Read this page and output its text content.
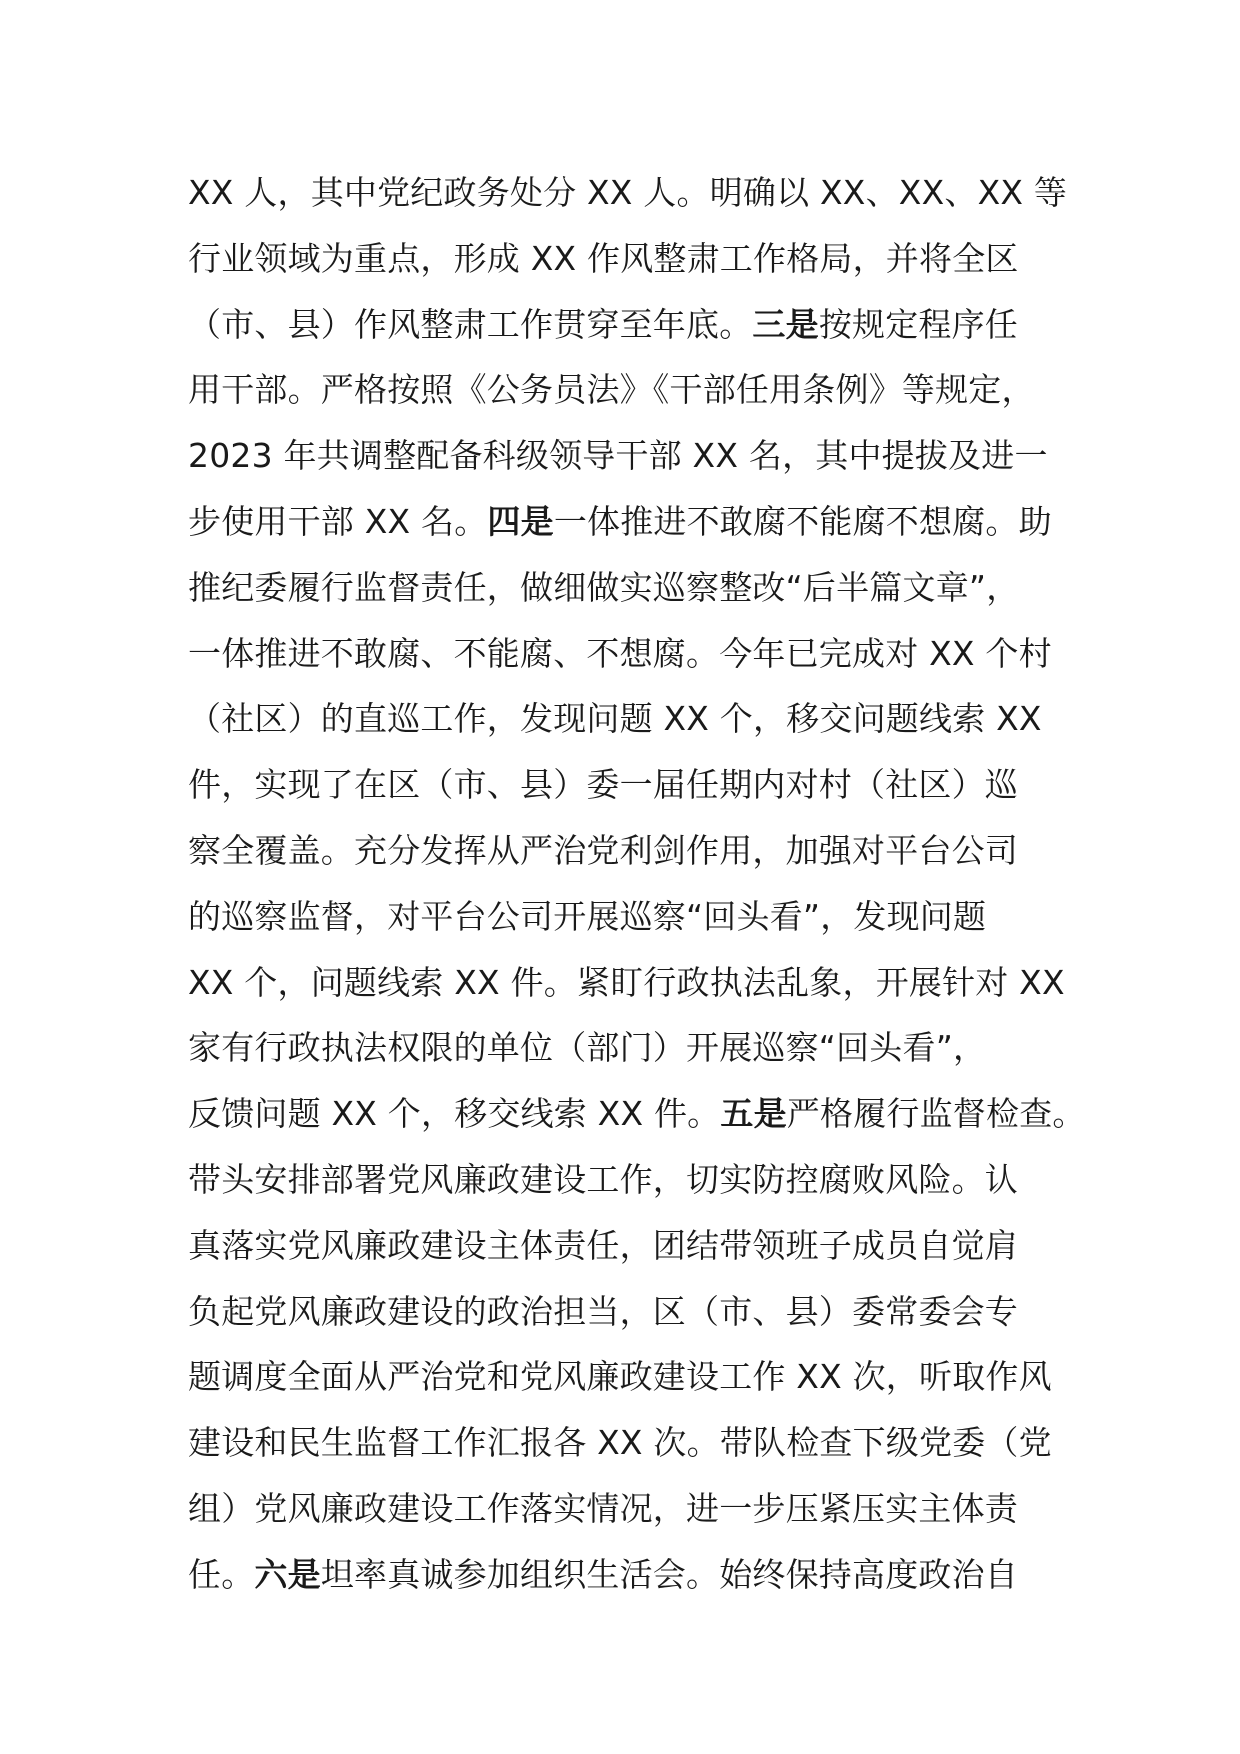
XX 人，其中党纪政务处分 XX 人。明确以 XX、XX、XX 等
行业领域为重点，形成 XX 作风整肃工作格局，并将全区
（市、县）作风整肃工作贯穿至年底。三是按规定程序任
用干部。严格按照《公务员法》《干部任用条例》等规定，
2023 年共调整配备科级领导干部 XX 名，其中提拔及进一
步使用干部 XX 名。四是一体推进不敢腐不能腐不想腐。助
推纪委履行监督责任，做细做实巡察整改“后半篇文章”，
一体推进不敢腐、不能腐、不想腐。今年已完成对 XX 个村
（社区）的直巡工作，发现问题 XX 个，移交问题线索 XX
件，实现了在区（市、县）委一届任期内对村（社区）巡
察全覆盖。充分发挥从严治党利剑作用，加强对平台公司
的巡察监督，对平台公司开展巡察“回头看”，发现问题
XX 个，问题线索 XX 件。紧盯行政执法乱象，开展针对 XX
家有行政执法权限的单位（部门）开展巡察“回头看”，
反馈问题 XX 个，移交线索 XX 件。五是严格履行监督检查。
带头安排部署党风廉政建设工作，切实防控腐败风险。认
真落实党风廉政建设主体责任，团结带领班子成员自觉肩
负起党风廉政建设的政治担当，区（市、县）委常委会专
题调度全面从严治党和党风廉政建设工作 XX 次，听取作风
建设和民生监督工作汇报各 XX 次。带队检查下级党委（党
组）党风廉政建设工作落实情况，进一步压紧压实主体责
任。六是坦率真诚参加组织生活会。始终保持高度政治自
